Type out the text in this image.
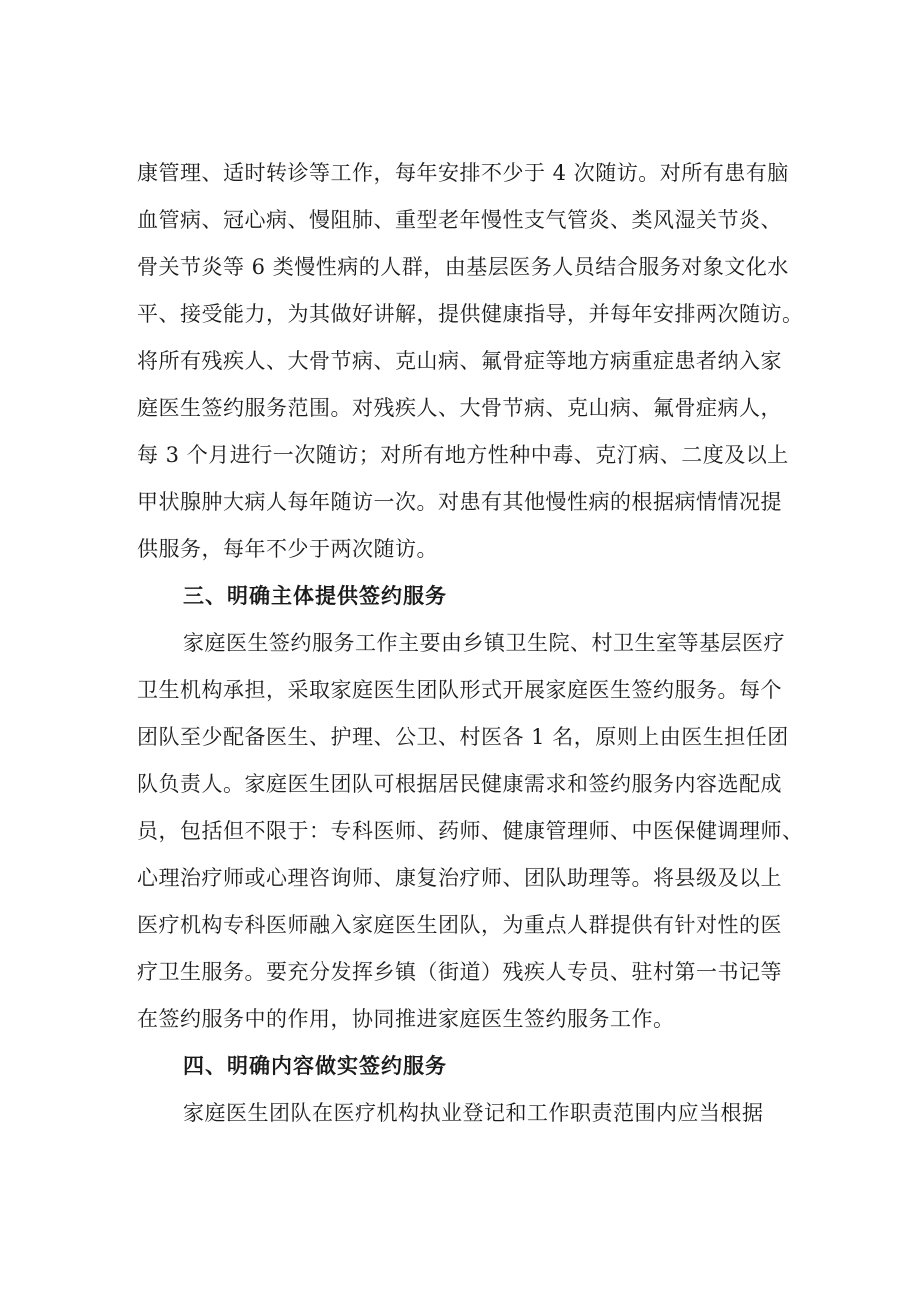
康管理、适时转诊等工作，每年安排不少于 4 次随访。对所有患有脑
血管病、冠心病、慢阻肺、重型老年慢性支气管炎、类风湿关节炎、
骨关节炎等 6 类慢性病的人群，由基层医务人员结合服务对象文化水
平、接受能力，为其做好讲解，提供健康指导，并每年安排两次随访。
将所有残疾人、大骨节病、克山病、氟骨症等地方病重症患者纳入家
庭医生签约服务范围。对残疾人、大骨节病、克山病、氟骨症病人，
每 3 个月进行一次随访；对所有地方性种中毒、克汀病、二度及以上
甲状腺肿大病人每年随访一次。对患有其他慢性病的根据病情情况提
供服务，每年不少于两次随访。
三、明确主体提供签约服务
家庭医生签约服务工作主要由乡镇卫生院、村卫生室等基层医疗
卫生机构承担，采取家庭医生团队形式开展家庭医生签约服务。每个
团队至少配备医生、护理、公卫、村医各 1 名，原则上由医生担任团
队负责人。家庭医生团队可根据居民健康需求和签约服务内容选配成
员，包括但不限于：专科医师、药师、健康管理师、中医保健调理师、
心理治疗师或心理咨询师、康复治疗师、团队助理等。将县级及以上
医疗机构专科医师融入家庭医生团队，为重点人群提供有针对性的医
疗卫生服务。要充分发挥乡镇（街道）残疾人专员、驻村第一书记等
在签约服务中的作用，协同推进家庭医生签约服务工作。
四、明确内容做实签约服务
家庭医生团队在医疗机构执业登记和工作职责范围内应当根据
